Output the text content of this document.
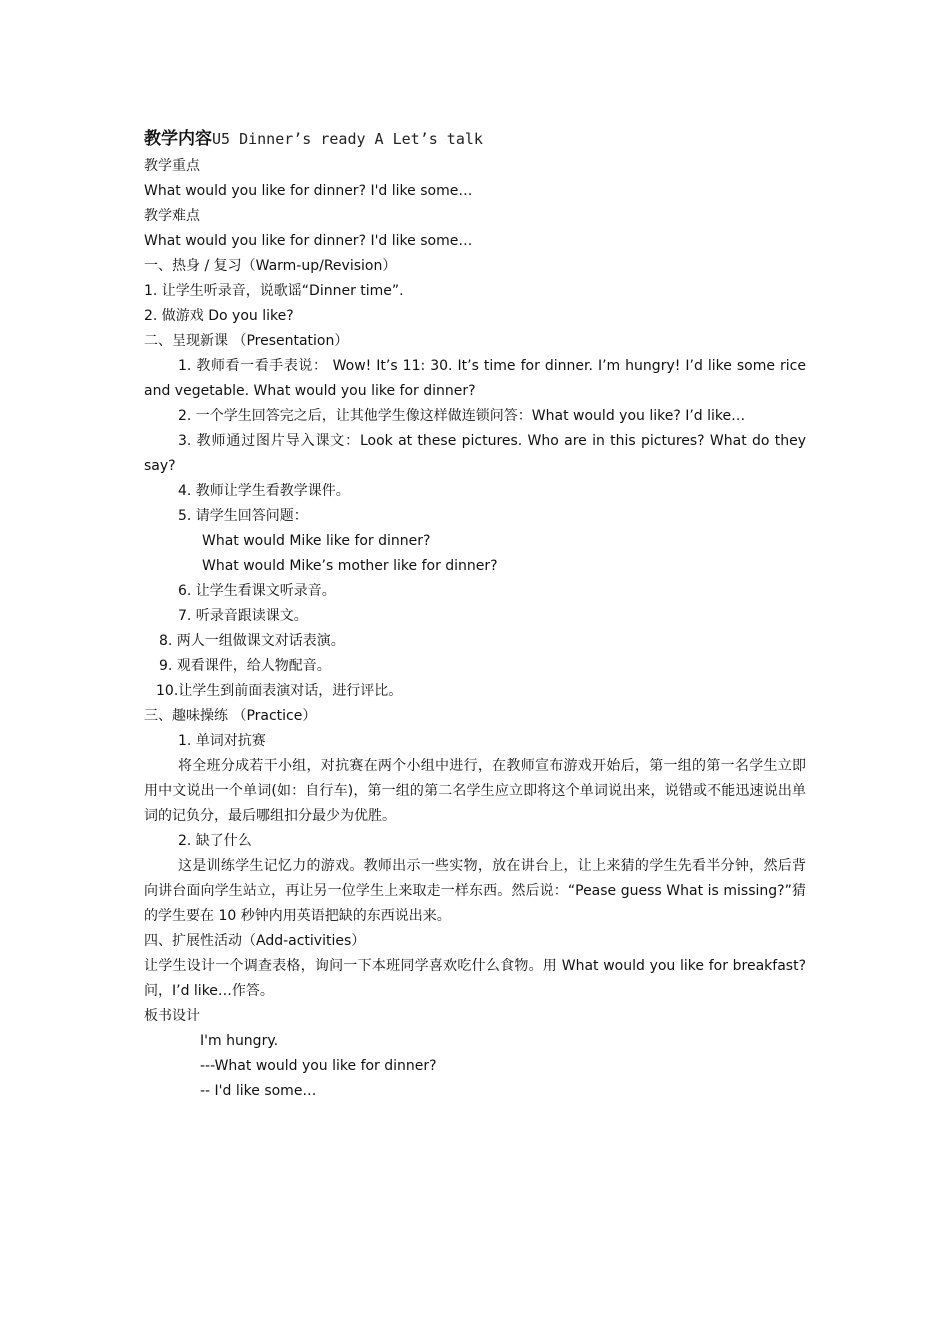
教学内容U5 Dinner’s ready A Let’s talk
教学重点
What would you like for dinner? I'd like some…
教学难点
What would you like for dinner? I'd like some…
一、热身 / 复习（Warm-up/Revision）
1. 让学生听录音，说歌谣“Dinner time”.
2. 做游戏 Do you like?
二、呈现新课 （Presentation）
1. 教师看一看手表说： Wow! It’s 11: 30. It’s time for dinner. I’m hungry! I’d like some rice and vegetable. What would you like for dinner?
2. 一个学生回答完之后，让其他学生像这样做连锁问答：What would you like? I’d like…
3. 教师通过图片导入课文：Look at these pictures. Who are in this pictures? What do they say?
4. 教师让学生看教学课件。
5. 请学生回答问题：
What would Mike like for dinner?
What would Mike’s mother like for dinner?
6. 让学生看课文听录音。
7. 听录音跟读课文。
8. 两人一组做课文对话表演。
9. 观看课件，给人物配音。
10.让学生到前面表演对话，进行评比。
三、趣味操练 （Practice）
1. 单词对抗赛
将全班分成若干小组，对抗赛在两个小组中进行，在教师宣布游戏开始后，第一组的第一名学生立即用中文说出一个单词(如：自行车)，第一组的第二名学生应立即将这个单词说出来，说错或不能迅速说出单词的记负分，最后哪组扣分最少为优胜。
2. 缺了什么
这是训练学生记忆力的游戏。教师出示一些实物，放在讲台上，让上来猜的学生先看半分钟，然后背向讲台面向学生站立，再让另一位学生上来取走一样东西。然后说：“Pease guess What is missing?”猜的学生要在 10 秒钟内用英语把缺的东西说出来。
四、扩展性活动（Add-activities）
让学生设计一个调查表格，询问一下本班同学喜欢吃什么食物。用 What would you like for breakfast?问，I’d like…作答。
板书设计
I'm hungry.
---What would you like for dinner?
-- I'd like some…
